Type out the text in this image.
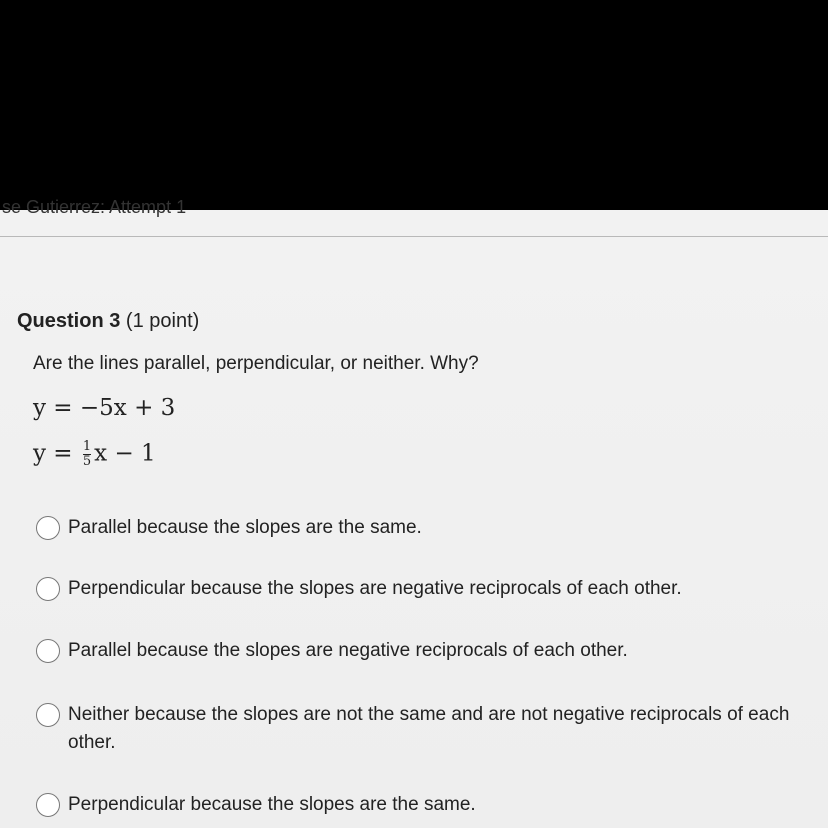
se Gutierrez: Attempt 1
Question 3 (1 point)
Are the lines parallel, perpendicular, or neither. Why?
y = −5x + 3
$y = \frac{1}{5}$ x − 1
Parallel because the slopes are the same.
Perpendicular because the slopes are negative reciprocals of each other.
Parallel because the slopes are negative reciprocals of each other.
Neither because the slopes are not the same and are not negative reciprocals of each other.
Perpendicular because the slopes are the same.
